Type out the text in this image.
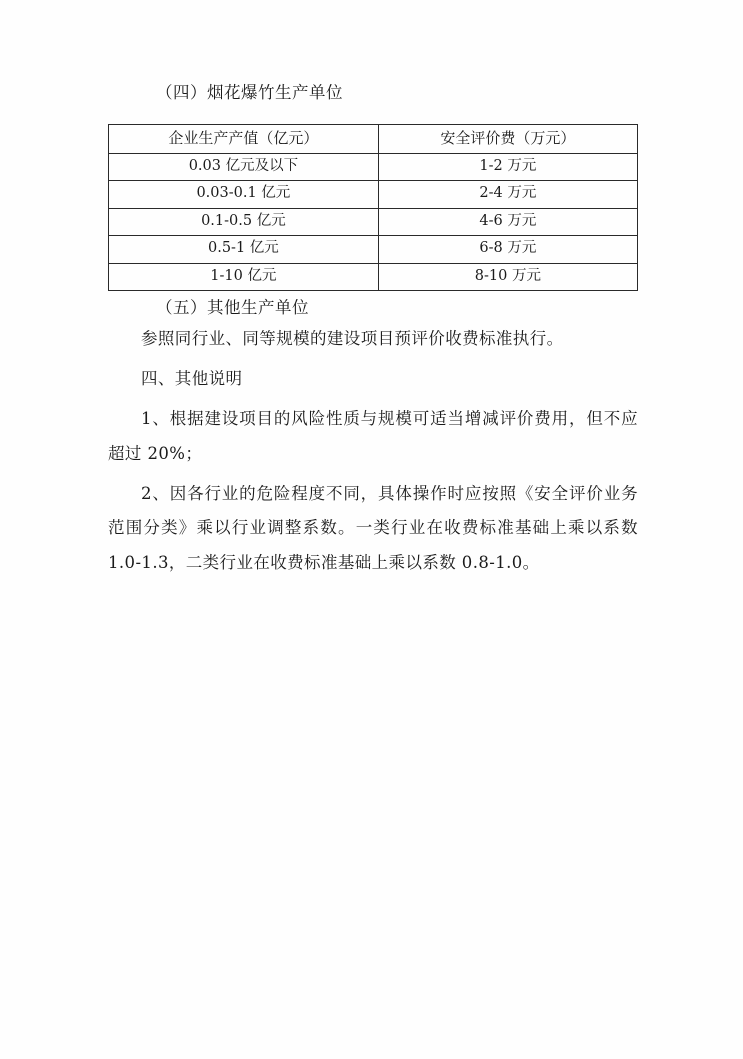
（四）烟花爆竹生产单位

企业生产产值（亿元）	安全评价费（万元）
0.03 亿元及以下	1-2 万元
0.03-0.1 亿元	2-4 万元
0.1-0.5 亿元	4-6 万元
0.5-1 亿元	6-8 万元
1-10 亿元	8-10 万元

（五）其他生产单位

参照同行业、同等规模的建设项目预评价收费标准执行。

四、其他说明

1、根据建设项目的风险性质与规模可适当增减评价费用，但不应超过 20%；

2、因各行业的危险程度不同，具体操作时应按照《安全评价业务范围分类》乘以行业调整系数。一类行业在收费标准基础上乘以系数 1.0-1.3，二类行业在收费标准基础上乘以系数 0.8-1.0。
